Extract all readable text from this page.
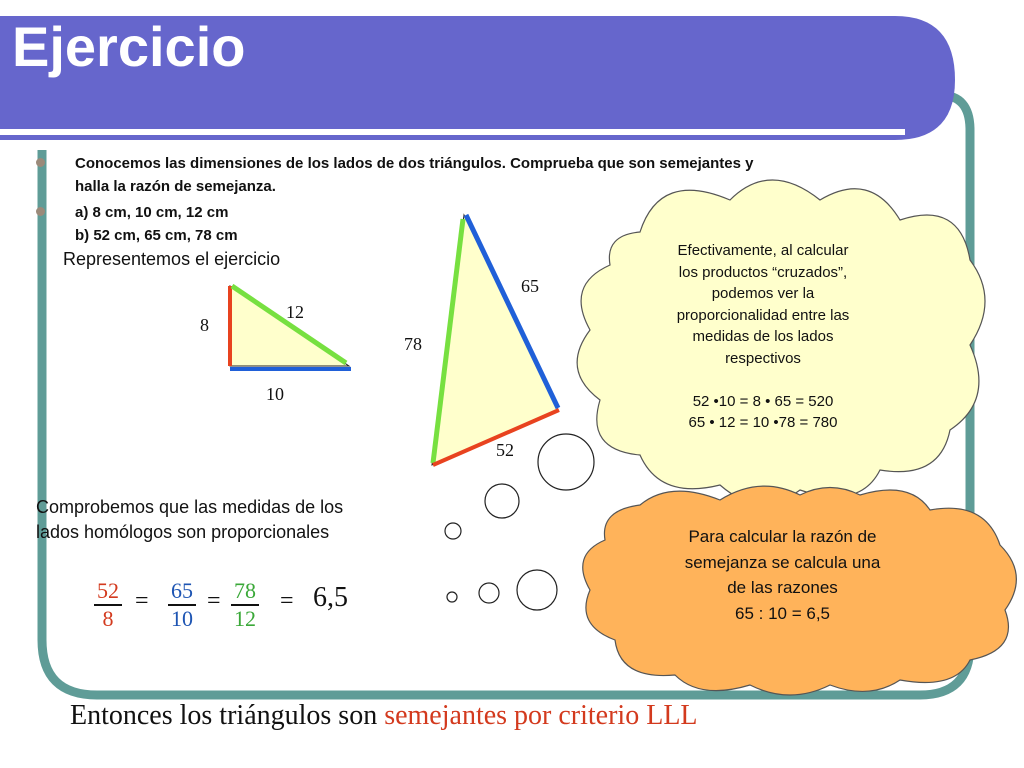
Ejercicio
Conocemos las dimensiones de los lados de dos triángulos. Comprueba que son semejantes y
halla la razón de semejanza.
a) 8 cm, 10 cm, 12 cm
b) 52 cm, 65 cm, 78 cm
Representemos el ejercicio
8
12
10
78
65
52
Efectivamente, al calcular
los productos “cruzados”,
podemos ver la
proporcionalidad entre las
medidas de los lados
respectivos
52 •10 = 8 • 65 = 520
65 • 12 = 10 •78 = 780
Para calcular la razón de
semejanza se calcula una
de las razones
65 : 10 = 6,5
Comprobemos que las medidas de los
lados homólogos son proporcionales
52
8
=	65
10
= 78
12
= 6,5
Entonces los triángulos son semejantes por criterio LLL
